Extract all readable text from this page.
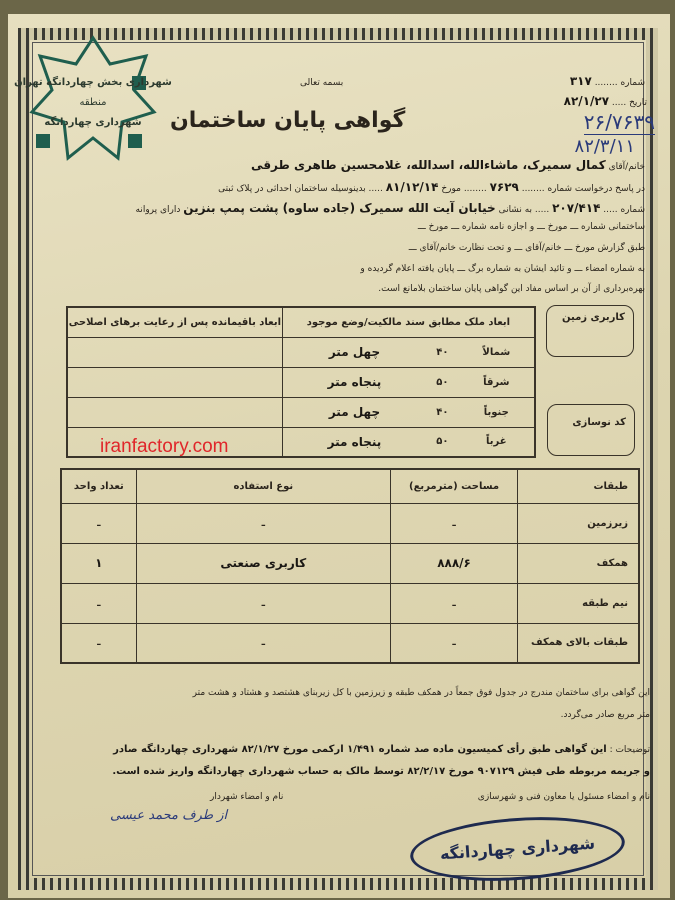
شهرداری بخش چهاردانگه تهران
منطقه
شهرداری چهاردانگه
بسمه تعالی	شماره ........ ۳۱۷
تاریخ ..... ۸۲/۱/۲۷
۲۶/۷۶۳۹
۸۲/۳/۱۱
گواهی پایان ساختمان
خانم/آقای کمال سمیرک، ماشاءالله، اسدالله، غلامحسین طاهری طرقی
در پاسخ درخواست شماره ........ ۷۶۲۹ ........ مورخ ۸۱/۱۲/۱۴ ..... بدینوسیله ساختمان احداثی در پلاک ثبتی
شماره ..... ۲۰۷/۴۱۴ ..... به نشانی خیابان آیت الله سمیرک (جاده ساوه) پشت پمپ بنزین دارای پروانه
ساختمانی شماره ـــ مورخ ـــ و اجازه نامه شماره ـــ مورخ ـــ
طبق گزارش مورخ ـــ خانم/آقای ـــ و تحت نظارت خانم/آقای ـــ
به شماره امضاء ـــ و تائید ایشان به شماره برگ ـــ پایان یافته اعلام گردیده و
بهره‌برداری از آن بر اساس مفاد این گواهی پایان ساختمان بلامانع است.
ابعاد ملک مطابق سند مالکیت/وضع موجود			ابعاد باقیمانده پس از رعایت برهای اصلاحی
شمالاً	۴۰	چهل متر	
شرقاً	۵۰	پنجاه متر	
جنوباً	۴۰	چهل متر	
غرباً	۵۰	پنجاه متر	
کاربری زمین
کد نوسازی
iranfactory.com
طبقات	مساحت (مترمربع)	نوع استفاده	تعداد واحد
زیرزمین	ـ	ـ	ـ
همکف	۸۸۸/۶	کاربری صنعتی	۱
نیم طبقه	ـ	ـ	ـ
طبقات بالای همکف	ـ	ـ	ـ
این گواهی برای ساختمان مندرج در جدول فوق جمعاً در همکف طبقه و زیرزمین با کل زیربنای هشتصد و هشتاد و هشت متر
متر مربع صادر می‌گردد.
توضیحات : این گواهی طبق رأی کمیسیون ماده صد شماره ۱/۴۹۱ ارکمی مورخ ۸۲/۱/۲۷ شهرداری چهاردانگه صادر
و جریمه مربوطه طی فیش ۹۰۷۱۲۹ مورخ ۸۲/۲/۱۷ توسط مالک به حساب شهرداری چهاردانگه واریز شده است.
نام و امضاء شهردار
از طرف محمد عیسی
نام و امضاء مسئول یا معاون فنی و شهرسازی
شهرداری چهاردانگه
